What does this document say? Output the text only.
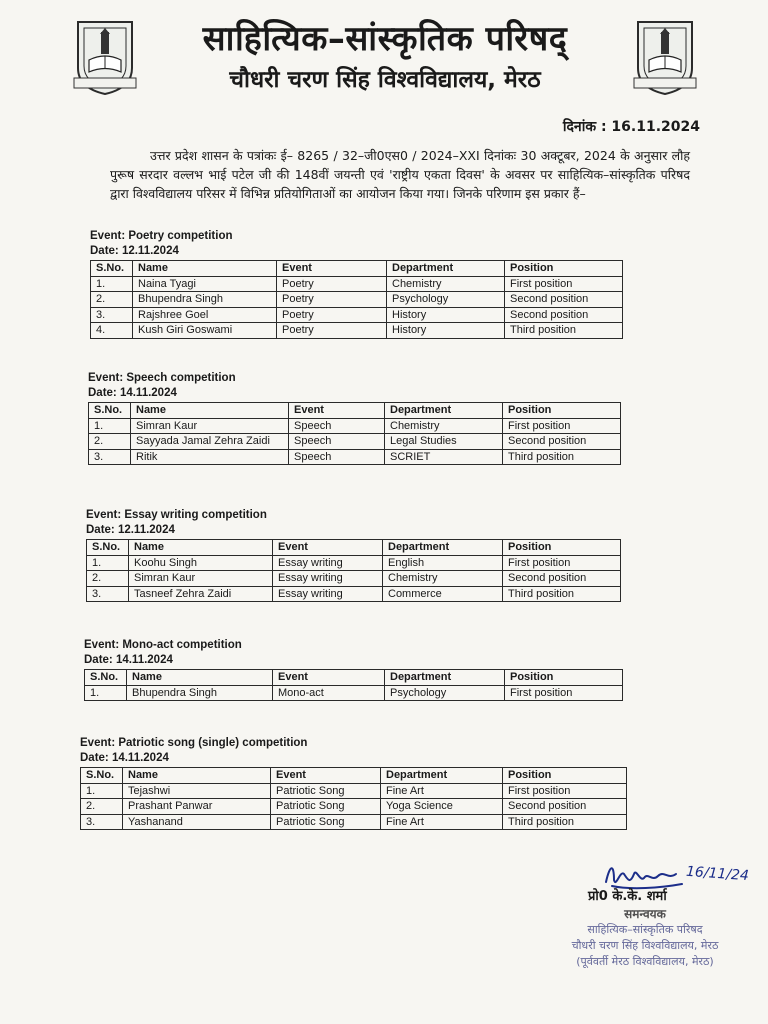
साहित्यिक–सांस्कृतिक परिषद्
चौधरी चरण सिंह विश्वविद्यालय, मेरठ
दिनांक : 16.11.2024
उत्तर प्रदेश शासन के पत्रांकः ई– 8265 / 32–जी0एस0 / 2024–XXI दिनांकः 30 अक्टूबर, 2024 के अनुसार लौह पुरूष सरदार वल्लभ भाई पटेल जी की 148वीं जयन्ती एवं 'राष्ट्रीय एकता दिवस' के अवसर पर साहित्यिक–सांस्कृतिक परिषद द्वारा विश्वविद्यालय परिसर में विभिन्न प्रतियोगिताओं का आयोजन किया गया। जिनके परिणाम इस प्रकार हैं–
Event: Poetry competition
Date: 12.11.2024
S.No.	Name	Event	Department	Position
1.	Naina Tyagi	Poetry	Chemistry	First position
2.	Bhupendra Singh	Poetry	Psychology	Second position
3.	Rajshree Goel	Poetry	History	Second position
4.	Kush Giri Goswami	Poetry	History	Third position
Event: Speech competition
Date: 14.11.2024
S.No.	Name	Event	Department	Position
1.	Simran Kaur	Speech	Chemistry	First position
2.	Sayyada Jamal Zehra Zaidi	Speech	Legal Studies	Second position
3.	Ritik	Speech	SCRIET	Third position
Event: Essay writing competition
Date: 12.11.2024
S.No.	Name	Event	Department	Position
1.	Koohu Singh	Essay writing	English	First position
2.	Simran Kaur	Essay writing	Chemistry	Second position
3.	Tasneef Zehra Zaidi	Essay writing	Commerce	Third position
Event: Mono-act competition
Date: 14.11.2024
S.No.	Name	Event	Department	Position
1.	Bhupendra Singh	Mono-act	Psychology	First position
Event: Patriotic song (single) competition
Date: 14.11.2024
S.No.	Name	Event	Department	Position
1.	Tejashwi	Patriotic Song	Fine Art	First position
2.	Prashant Panwar	Patriotic Song	Yoga Science	Second position
3.	Yashanand	Patriotic Song	Fine Art	Third position
16/11/24
प्रो0 के.के. शर्मा
समन्वयक
साहित्यिक–सांस्कृतिक परिषद
चौधरी चरण सिंह विश्वविद्यालय, मेरठ
(पूर्ववर्ती मेरठ विश्वविद्यालय, मेरठ)
